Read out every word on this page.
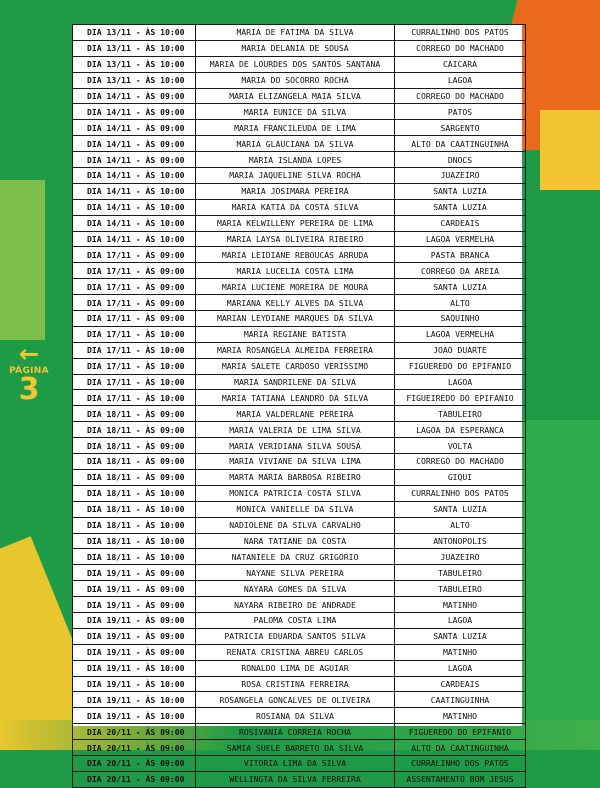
←
PÁGINA
3
DIA 13/11 - ÀS 10:00	MARIA DE FATIMA DA SILVA	CURRALINHO DOS PATOS
DIA 13/11 - ÀS 10:00	MARIA DELANIA DE SOUSA	CORREGO DO MACHADO
DIA 13/11 - ÀS 10:00	MARIA DE LOURDES DOS SANTOS SANTANA	CAICARA
DIA 13/11 - ÀS 10:00	MARIA DO SOCORRO ROCHA	LAGOA
DIA 14/11 - ÀS 09:00	MARIA ELIZANGELA MAIA SILVA	CORREGO DO MACHADO
DIA 14/11 - ÀS 09:00	MARIA EUNICE DA SILVA	PATOS
DIA 14/11 - ÀS 09:00	MARIA FRANCILEUDA DE LIMA	SARGENTO
DIA 14/11 - ÀS 09:00	MARIA GLAUCIANA DA SILVA	ALTO DA CAATINGUINHA
DIA 14/11 - ÀS 09:00	MARIA ISLANDA LOPES	DNOCS
DIA 14/11 - ÀS 10:00	MARIA JAQUELINE SILVA ROCHA	JUAZEIRO
DIA 14/11 - ÀS 10:00	MARIA JOSIMARA PEREIRA	SANTA LUZIA
DIA 14/11 - ÀS 10:00	MARIA KATIA DA COSTA SILVA	SANTA LUZIA
DIA 14/11 - ÀS 10:00	MARIA KELWILLENY PEREIRA DE LIMA	CARDEAIS
DIA 14/11 - ÀS 10:00	MARIA LAYSA OLIVEIRA RIBEIRO	LAGOA VERMELHA
DIA 17/11 - ÀS 09:00	MARIA LEIDIANE REBOUCAS ARRUDA	PASTA BRANCA
DIA 17/11 - ÀS 09:00	MARIA LUCELIA COSTA LIMA	CORREGO DA AREIA
DIA 17/11 - ÀS 09:00	MARIA LUCIENE MOREIRA DE MOURA	SANTA LUZIA
DIA 17/11 - ÀS 09:00	MARIANA KELLY ALVES DA SILVA	ALTO
DIA 17/11 - ÀS 09:00	MARIAN LEYDIANE MARQUES DA SILVA	SAQUINHO
DIA 17/11 - ÀS 10:00	MARIA REGIANE BATISTA	LAGOA VERMELHA
DIA 17/11 - ÀS 10:00	MARIA ROSANGELA ALMEIDA FERREIRA	JOAO DUARTE
DIA 17/11 - ÀS 10:00	MARIA SALETE CARDOSO VERISSIMO	FIGUEREDO DO EPIFANIO
DIA 17/11 - ÀS 10:00	MARIA SANDRILENE DA SILVA	LAGOA
DIA 17/11 - ÀS 10:00	MARIA TATIANA LEANDRO DA SILVA	FIGUEIREDO DO EPIFANIO
DIA 18/11 - ÀS 09:00	MARIA VALDERLANE PEREIRA	TABULEIRO
DIA 18/11 - ÀS 09:00	MARIA VALERIA DE LIMA SILVA	LAGOA DA ESPERANCA
DIA 18/11 - ÀS 09:00	MARIA VERIDIANA SILVA SOUSA	VOLTA
DIA 18/11 - ÀS 09:00	MARIA VIVIANE DA SILVA LIMA	CORREGO DO MACHADO
DIA 18/11 - ÀS 09:00	MARTA MARIA BARBOSA RIBEIRO	GIQUI
DIA 18/11 - ÀS 10:00	MONICA PATRICIA COSTA SILVA	CURRALINHO DOS PATOS
DIA 18/11 - ÀS 10:00	MONICA VANIELLE DA SILVA	SANTA LUZIA
DIA 18/11 - ÀS 10:00	NADIOLENE DA SILVA CARVALHO	ALTO
DIA 18/11 - ÀS 10:00	NARA TATIANE DA COSTA	ANTONOPOLIS
DIA 18/11 - ÀS 10:00	NATANIELE DA CRUZ GRIGORIO	JUAZEIRO
DIA 19/11 - ÀS 09:00	NAYANE SILVA PEREIRA	TABULEIRO
DIA 19/11 - ÀS 09:00	NAYARA GOMES DA SILVA	TABULEIRO
DIA 19/11 - ÀS 09:00	NAYARA RIBEIRO DE ANDRADE	MATINHO
DIA 19/11 - ÀS 09:00	PALOMA COSTA LIMA	LAGOA
DIA 19/11 - ÀS 09:00	PATRICIA EDUARDA SANTOS SILVA	SANTA LUZIA
DIA 19/11 - ÀS 09:00	RENATA CRISTINA ABREU CARLOS	MATINHO
DIA 19/11 - ÀS 10:00	RONALDO LIMA DE AGUIAR	LAGOA
DIA 19/11 - ÀS 10:00	ROSA CRISTINA FERREIRA	CARDEAIS
DIA 19/11 - ÀS 10:00	ROSANGELA GONCALVES DE OLIVEIRA	CAATINGUINHA
DIA 19/11 - ÀS 10:00	ROSIANA DA SILVA	MATINHO
DIA 20/11 - ÀS 09:00	ROSIVANIA CORREIA ROCHA	FIGUEREDO DO EPIFANIO
DIA 20/11 - ÀS 09:00	SAMIA SUELE BARRETO DA SILVA	ALTO DA CAATINGUINHA
DIA 20/11 - ÀS 09:00	VITORIA LIMA DA SILVA	CURRALINHO DOS PATOS
DIA 20/11 - ÀS 09:00	WELLINGTA DA SILVA FERREIRA	ASSENTAMENTO BOM JESUS
